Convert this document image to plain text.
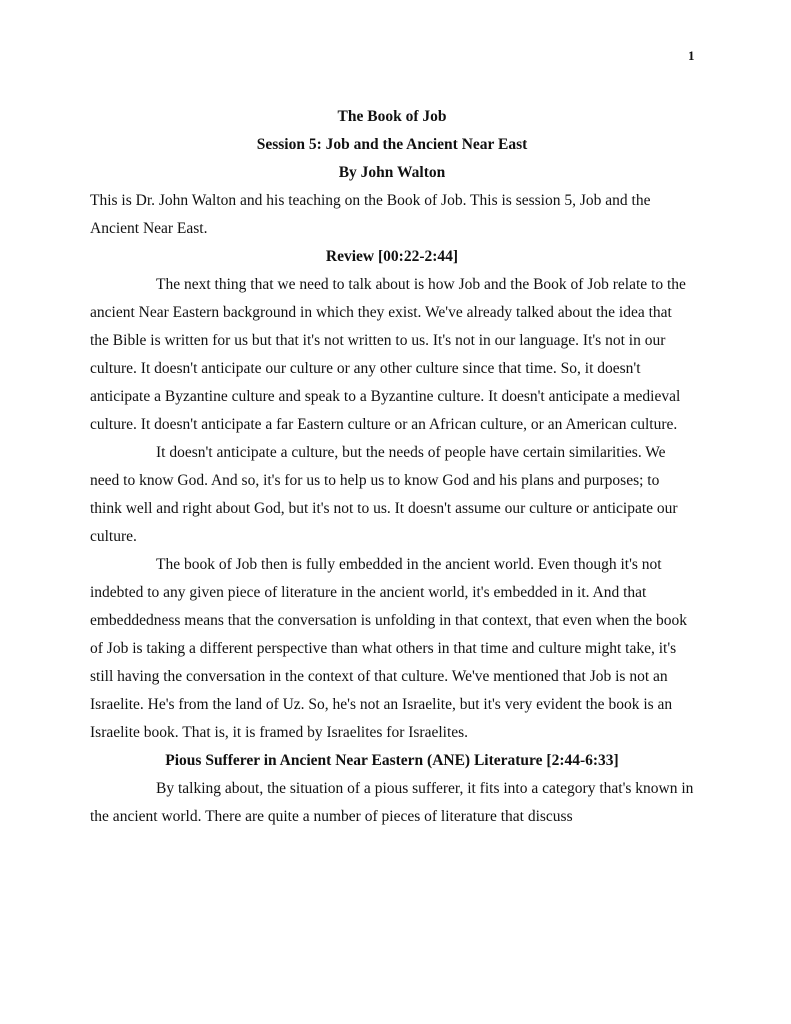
1

The Book of Job

Session 5: Job and the Ancient Near East

By John Walton

This is Dr. John Walton and his teaching on the Book of Job. This is session 5, Job and the Ancient Near East.

Review [00:22-2:44]

The next thing that we need to talk about is how Job and the Book of Job relate to the ancient Near Eastern background in which they exist. We've already talked about the idea that the Bible is written for us but that it's not written to us. It's not in our language. It's not in our culture. It doesn't anticipate our culture or any other culture since that time. So, it doesn't anticipate a Byzantine culture and speak to a Byzantine culture. It doesn't anticipate a medieval culture. It doesn't anticipate a far Eastern culture or an African culture, or an American culture.

It doesn't anticipate a culture, but the needs of people have certain similarities. We need to know God. And so, it's for us to help us to know God and his plans and purposes; to think well and right about God, but it's not to us. It doesn't assume our culture or anticipate our culture.

The book of Job then is fully embedded in the ancient world. Even though it's not indebted to any given piece of literature in the ancient world, it's embedded in it. And that embeddedness means that the conversation is unfolding in that context, that even when the book of Job is taking a different perspective than what others in that time and culture might take, it's still having the conversation in the context of that culture. We've mentioned that Job is not an Israelite. He's from the land of Uz. So, he's not an Israelite, but it's very evident the book is an Israelite book. That is, it is framed by Israelites for Israelites.

Pious Sufferer in Ancient Near Eastern (ANE) Literature [2:44-6:33]

By talking about, the situation of a pious sufferer, it fits into a category that's known in the ancient world. There are quite a number of pieces of literature that discuss
